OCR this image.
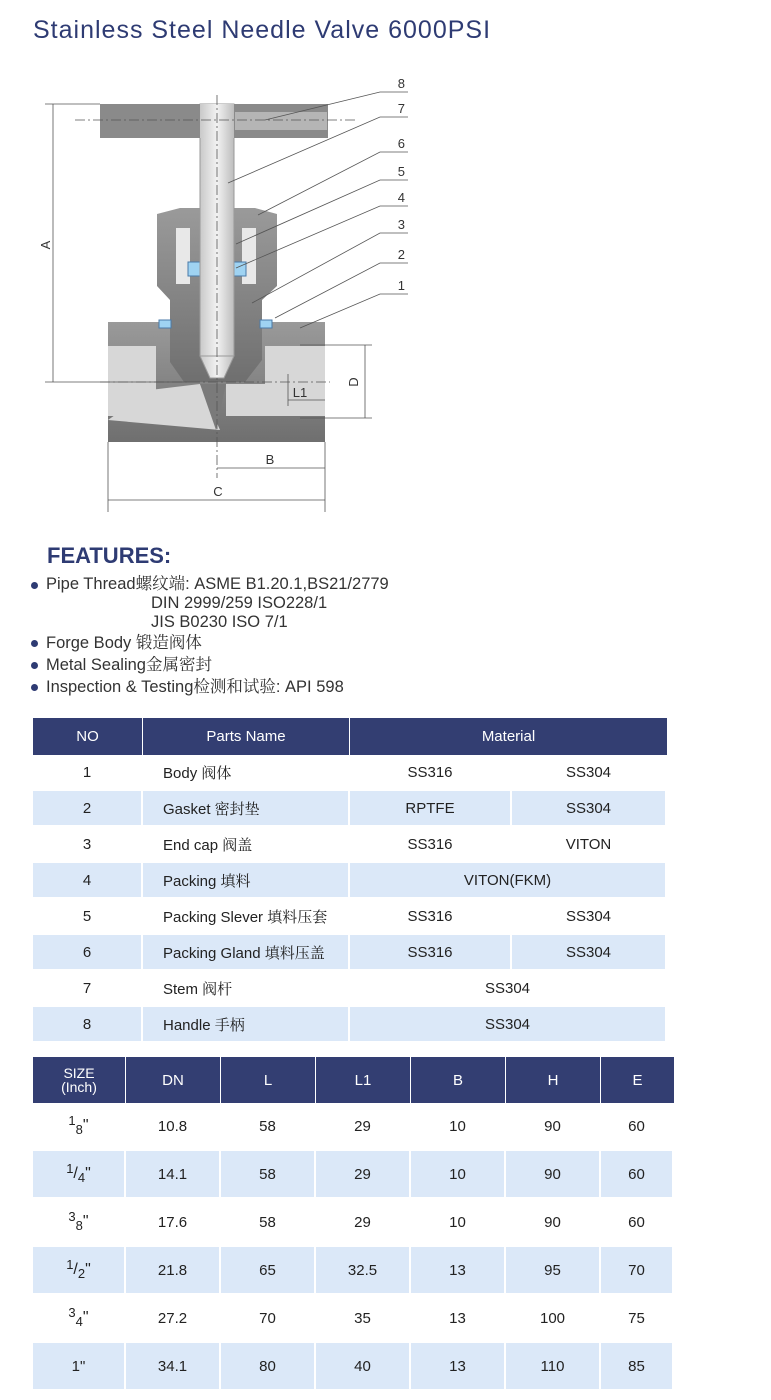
Stainless Steel Needle Valve 6000PSI
A
D
L1
B
C
8
7
6
5
4
3
2
1
FEATURES:
Pipe Thread螺纹端: ASME B1.20.1,BS21/2779
DIN 2999/259 ISO228/1
JIS B0230 ISO 7/1
Forge Body 锻造阀体
Metal Sealing金属密封
Inspection & Testing检测和试验: API 598
NO	Parts Name	Material	
1	Body 阀体	SS316	SS304
2	Gasket 密封垫	RPTFE	SS304
3	End cap 阀盖	SS316	VITON
4	Packing 填料	VITON(FKM)	
5	Packing Slever 填料压套	SS316	SS304
6	Packing Gland 填料压盖	SS316	SS304
7	Stem 阀杆	SS304	
8	Handle 手柄	SS304	
SIZE
(Inch)	DN	L	L1	B	H	E
$^1_8$"	10.8	58	29	10	90	60
$^1/_4$"	14.1	58	29	10	90	60
$^3_8$"	17.6	58	29	10	90	60
$^1/_2$"	21.8	65	32.5	13	95	70
$^3_4$"	27.2	70	35	13	100	75
1"	34.1	80	40	13	110	85
